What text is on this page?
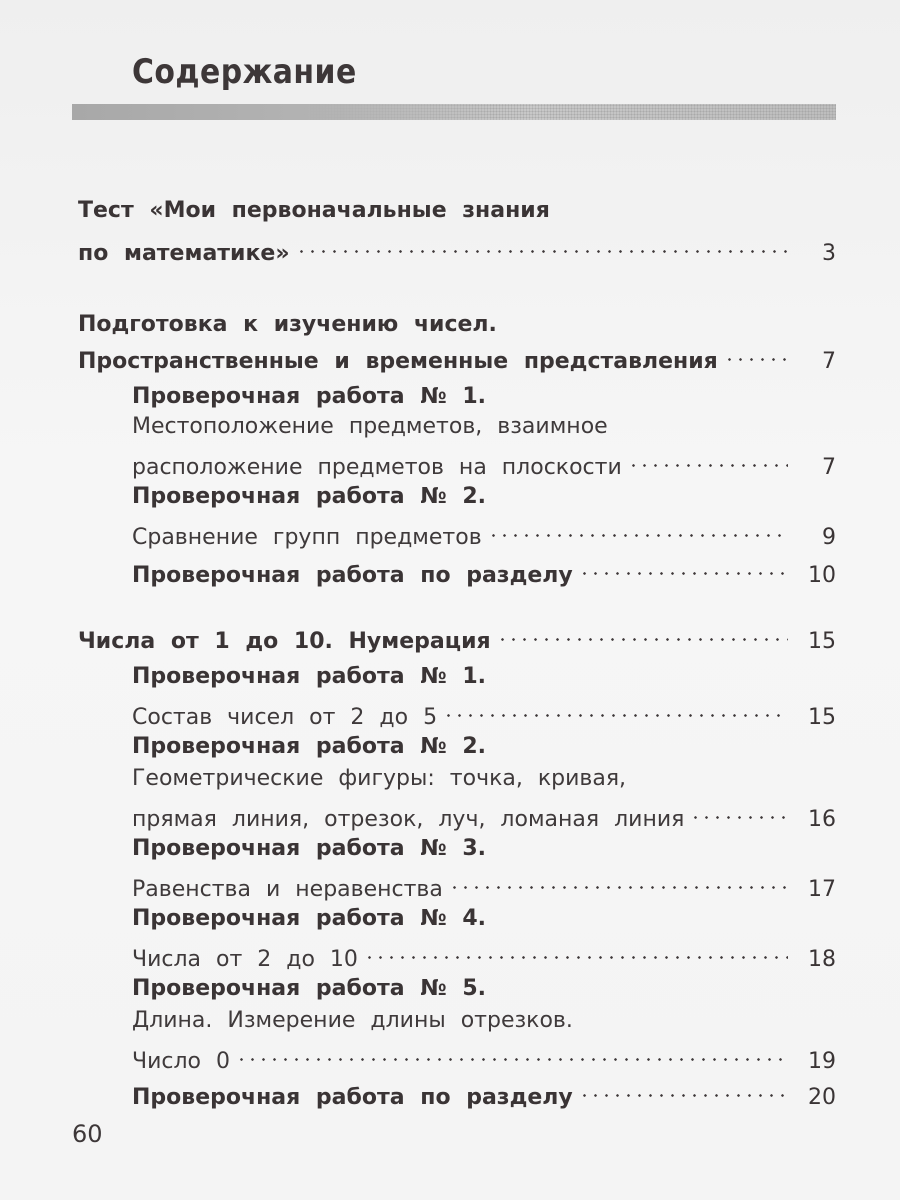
Содержание
Тест «Мои первоначальные знания
по математике»	3
Подготовка к изучению чисел.
Пространственные и временные представления	7
Проверочная работа № 1.
Местоположение предметов, взаимное
расположение предметов на плоскости	7
Проверочная работа № 2.
Сравнение групп предметов	9
Проверочная работа по разделу	10
Числа от 1 до 10. Нумерация	15
Проверочная работа № 1.
Состав чисел от 2 до 5	15
Проверочная работа № 2.
Геометрические фигуры: точка, кривая,
прямая линия, отрезок, луч, ломаная линия	16
Проверочная работа № 3.
Равенства и неравенства	17
Проверочная работа № 4.
Числа от 2 до 10	18
Проверочная работа № 5.
Длина. Измерение длины отрезков.
Число 0	19
Проверочная работа по разделу	20
60
